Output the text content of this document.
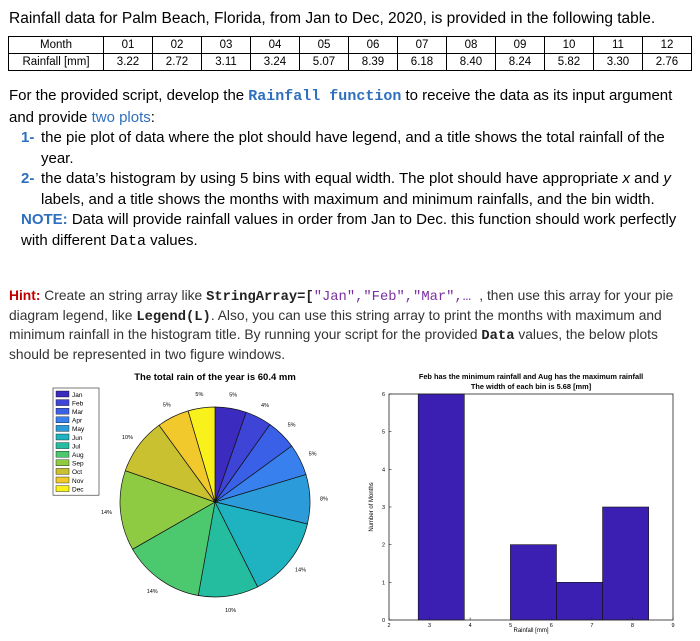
Rainfall data for Palm Beach, Florida, from Jan to Dec, 2020, is provided in the following table.
Month	01	02	03	04	05	06	07	08	09	10	11	12
Rainfall [mm]	3.22	2.72	3.11	3.24	5.07	8.39	6.18	8.40	8.24	5.82	3.30	2.76

For the provided script, develop the Rainfall function to receive the data as its input argument and provide two plots:

1- the pie plot of data where the plot should have legend, and a title shows the total rainfall of the year.
2- the data’s histogram by using 5 bins with equal width. The plot should have appropriate x and y labels, and a title shows the months with maximum and minimum rainfalls, and the bin width.

NOTE: Data will provide rainfall values in order from Jan to Dec. this function should work perfectly with different Data values.

Hint: Create an string array like StringArray=["Jan","Feb","Mar",… , then use this array for your pie diagram legend, like Legend(L). Also, you can use this string array to print the months with maximum and minimum rainfall in the histogram title. By running your script for the provided Data values, the below plots should be represented in two figure windows.
The total rain of the year is 60.4 mm
5%
4%
5%
5%
8%
14%
10%
14%
14%
10%
5%
5%
Jan
Feb
Mar
Apr
May
Jun
Jul
Aug
Sep
Oct
Nov
Dec
Feb has the minimum rainfall and Aug has the maximum rainfall
The width of each bin is 5.68 [mm]
2	3	4	5	6	7	8	9
0
1
2
3
4
5
6
Rainfall [mm]
Number of Months
